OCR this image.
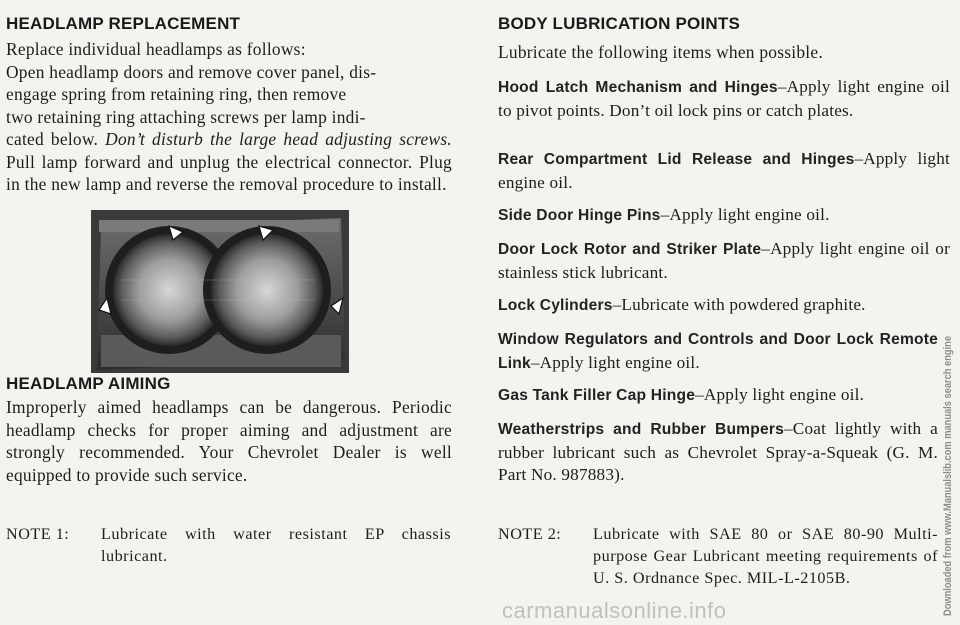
HEADLAMP REPLACEMENT

Replace individual headlamps as follows:

Open headlamp doors and remove cover panel, dis-

engage spring from retaining ring, then remove

two retaining ring attaching screws per lamp indi-

cated below. Don’t disturb the large head adjusting screws. Pull lamp forward and unplug the electrical connector. Plug in the new lamp and reverse the removal procedure to install.

HEADLAMP AIMING

Improperly aimed headlamps can be dangerous. Periodic headlamp checks for proper aiming and adjustment are strongly recommended. Your Chevrolet Dealer is well equipped to provide such service.

NOTE 1: Lubricate with water resistant EP chassis lubricant.
BODY LUBRICATION POINTS

Lubricate the following items when possible.

Hood Latch Mechanism and Hinges–Apply light engine oil to pivot points. Don’t oil lock pins or catch plates.

Rear Compartment Lid Release and Hinges–Apply light engine oil.

Side Door Hinge Pins–Apply light engine oil.

Door Lock Rotor and Striker Plate–Apply light engine oil or stainless stick lubricant.

Lock Cylinders–Lubricate with powdered graphite.

Window Regulators and Controls and Door Lock Remote Link–Apply light engine oil.

Gas Tank Filler Cap Hinge–Apply light engine oil.

Weatherstrips and Rubber Bumpers–Coat lightly with a rubber lubricant such as Chevrolet Spray-a-Squeak (G. M. Part No. 987883).

NOTE 2: Lubricate with SAE 80 or SAE 80-90 Multi-purpose Gear Lubricant meeting requirements of U. S. Ordnance Spec. MIL-L-2105B.	Downloaded from www.Manualslib.com manuals search engine
carmanualsonline.info
